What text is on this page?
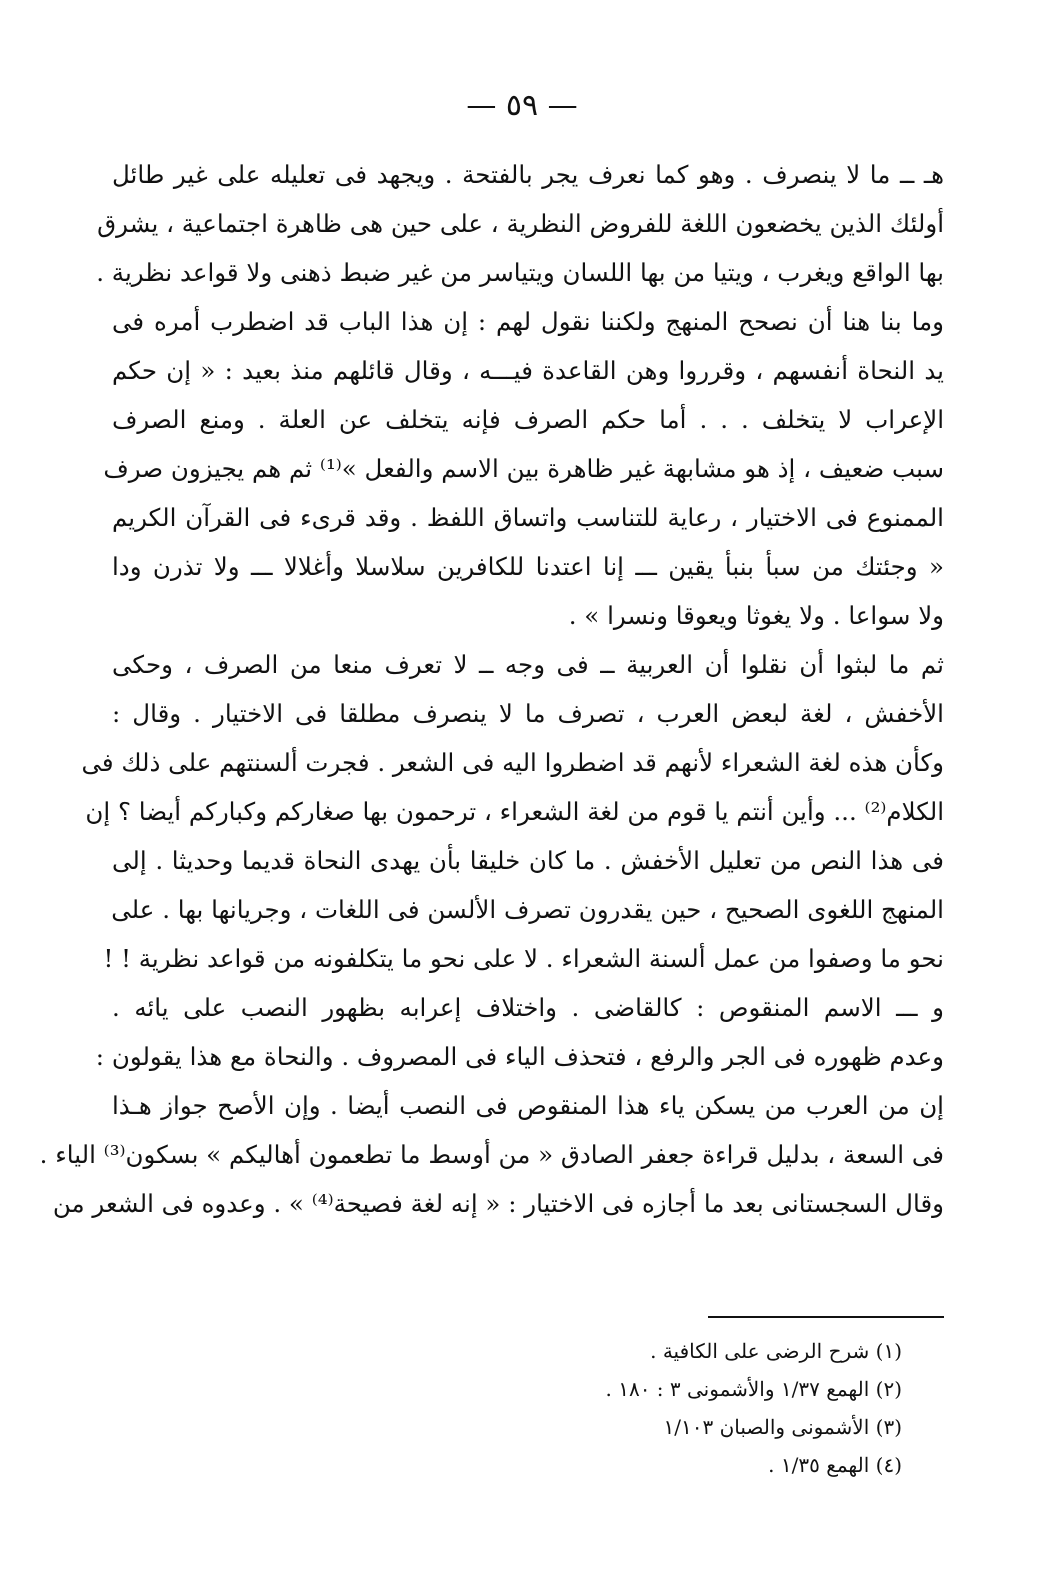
— ٥٩ —
هـ ــ ما لا ينصرف . وهو كما نعرف يجر بالفتحة . ويجهد فى تعليله على غير طائل
أولئك الذين يخضعون اللغة للفروض النظرية ، على حين هى ظاهرة اجتماعية ، يشرق
بها الواقع ويغرب ، ويتيا من بها اللسان ويتياسر من غير ضبط ذهنى ولا قواعد نظرية .
وما بنا هنا أن نصحح المنهج ولكننا نقول لهم : إن هذا الباب قد اضطرب أمره فى
يد النحاة أنفسهم ، وقرروا وهن القاعدة فيـــه ، وقال قائلهم منذ بعيد : « إن حكم
الإعراب لا يتخلف . . . أما حكم الصرف فإنه يتخلف عن العلة . ومنع الصرف
سبب ضعيف ، إذ هو مشابهة غير ظاهرة بين الاسم والفعل »⁽¹⁾ ثم هم يجيزون صرف
الممنوع فى الاختيار ، رعاية للتناسب واتساق اللفظ . وقد قرىء فى القرآن الكريم
« وجئتك من سبأ بنبأ يقين ـــ إنا اعتدنا للكافرين سلاسلا وأغلالا ـــ ولا تذرن ودا
ولا سواعا . ولا يغوثا ويعوقا ونسرا » .
ثم ما لبثوا أن نقلوا أن العربية ــ فى وجه ــ لا تعرف منعا من الصرف ، وحكى
الأخفش ، لغة لبعض العرب ، تصرف ما لا ينصرف مطلقا فى الاختيار . وقال :
وكأن هذه لغة الشعراء لأنهم قد اضطروا اليه فى الشعر . فجرت ألسنتهم على ذلك فى
الكلام⁽²⁾ ... وأين أنتم يا قوم من لغة الشعراء ، ترحمون بها صغاركم وكباركم أيضا ؟ إن
فى هذا النص من تعليل الأخفش . ما كان خليقا بأن يهدى النحاة قديما وحديثا . إلى
المنهج اللغوى الصحيح ، حين يقدرون تصرف الألسن فى اللغات ، وجريانها بها . على
نحو ما وصفوا من عمل ألسنة الشعراء . لا على نحو ما يتكلفونه من قواعد نظرية ! !
و ـــ الاسم المنقوص : كالقاضى . واختلاف إعرابه بظهور النصب على يائه .
وعدم ظهوره فى الجر والرفع ، فتحذف الياء فى المصروف . والنحاة مع هذا يقولون :
إن من العرب من يسكن ياء هذا المنقوص فى النصب أيضا . وإن الأصح جواز هـذا
فى السعة ، بدليل قراءة جعفر الصادق « من أوسط ما تطعمون أهاليكم » بسكون⁽³⁾ الياء .
وقال السجستانى بعد ما أجازه فى الاختيار : « إنه لغة فصيحة⁽⁴⁾ » . وعدوه فى الشعر من
(١) شرح الرضى على الكافية .
(٢) الهمع ١/٣٧ والأشمونى ٣ : ١٨٠ .
(٣) الأشمونى والصبان ١/١٠٣
(٤) الهمع ١/٣٥ .
